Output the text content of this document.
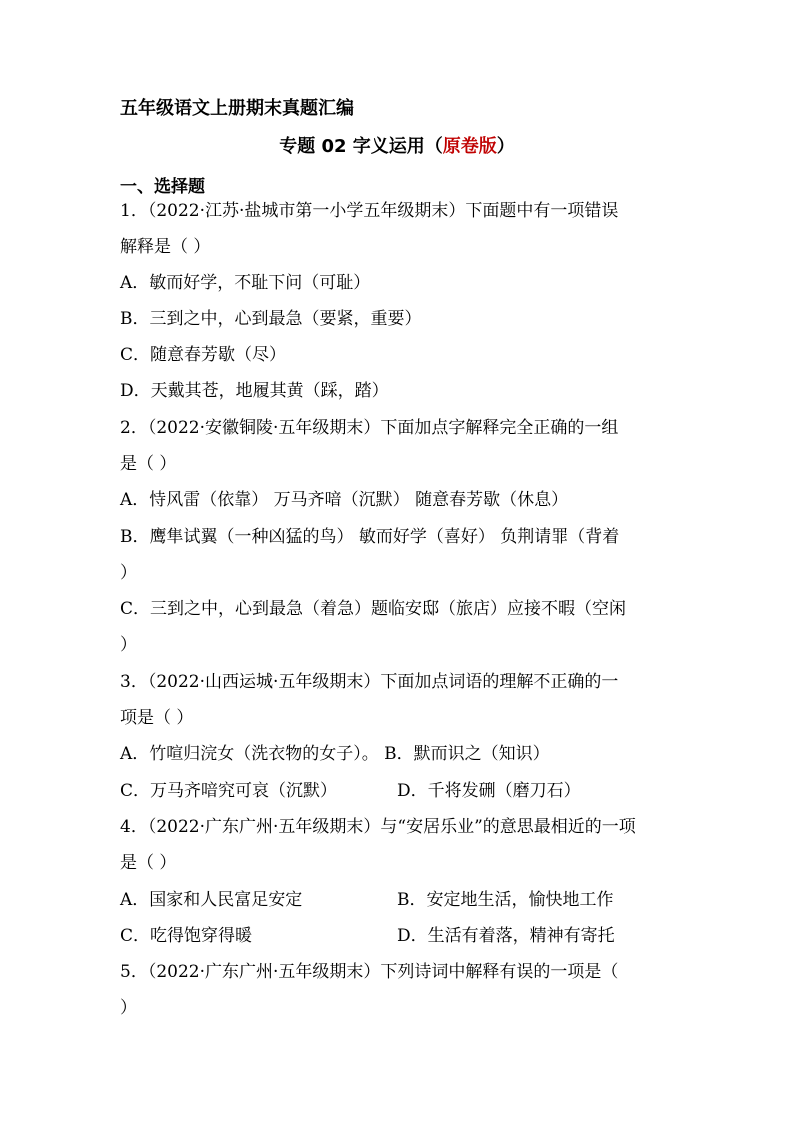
五年级语文上册期末真题汇编
专题 02 字义运用（原卷版）
一、选择题
1．（2022·江苏·盐城市第一小学五年级期末）下面题中有一项错误
解释是（ ）
A．敏而好学，不耻下问（可耻）
B．三到之中，心到最急（要紧，重要）
C．随意春芳歇（尽）
D．天戴其苍，地履其黄（踩，踏）
2．（2022·安徽铜陵·五年级期末）下面加点字解释完全正确的一组
是（ ）
A．恃风雷（依靠） 万马齐喑（沉默） 随意春芳歇（休息）
B．鹰隼试翼（一种凶猛的鸟） 敏而好学（喜好） 负荆请罪（背着
）
C．三到之中，心到最急（着急）题临安邸（旅店）应接不暇（空闲
）
3．（2022·山西运城·五年级期末）下面加点词语的理解不正确的一
项是（ ）
A．竹喧归浣女（洗衣物的女子）。 B．默而识之（知识）
C．万马齐喑究可哀（沉默）	D．千将发硎（磨刀石）
4．（2022·广东广州·五年级期末）与“安居乐业”的意思最相近的一项
是（ ）
A．国家和人民富足安定	B．安定地生活，愉快地工作
C．吃得饱穿得暖	D．生活有着落，精神有寄托
5．（2022·广东广州·五年级期末）下列诗词中解释有误的一项是（
）
